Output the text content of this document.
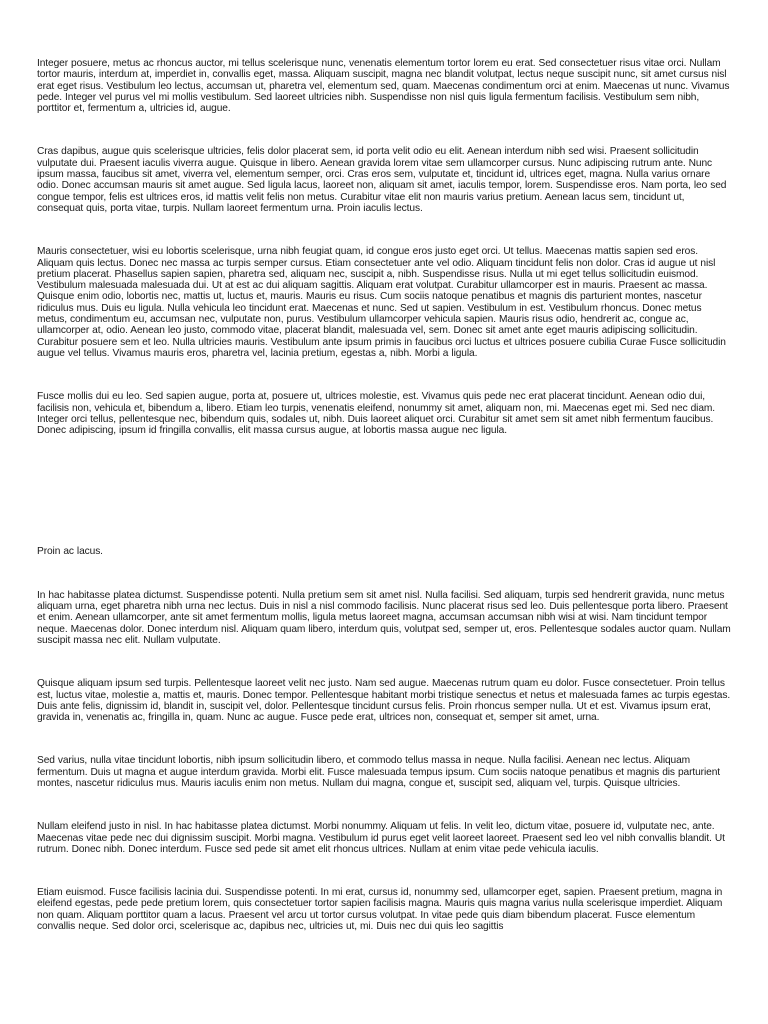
Integer posuere, metus ac rhoncus auctor, mi tellus scelerisque nunc, venenatis elementum tortor lorem eu erat. Sed consectetuer risus vitae orci. Nullam tortor mauris, interdum at, imperdiet in, convallis eget, massa. Aliquam suscipit, magna nec blandit volutpat, lectus neque suscipit nunc, sit amet cursus nisl erat eget risus. Vestibulum leo lectus, accumsan ut, pharetra vel, elementum sed, quam. Maecenas condimentum orci at enim. Maecenas ut nunc. Vivamus pede. Integer vel purus vel mi mollis vestibulum. Sed laoreet ultricies nibh. Suspendisse non nisl quis ligula fermentum facilisis. Vestibulum sem nibh, porttitor et, fermentum a, ultricies id, augue.

Cras dapibus, augue quis scelerisque ultricies, felis dolor placerat sem, id porta velit odio eu elit. Aenean interdum nibh sed wisi. Praesent sollicitudin vulputate dui. Praesent iaculis viverra augue. Quisque in libero. Aenean gravida lorem vitae sem ullamcorper cursus. Nunc adipiscing rutrum ante. Nunc ipsum massa, faucibus sit amet, viverra vel, elementum semper, orci. Cras eros sem, vulputate et, tincidunt id, ultrices eget, magna. Nulla varius ornare odio. Donec accumsan mauris sit amet augue. Sed ligula lacus, laoreet non, aliquam sit amet, iaculis tempor, lorem. Suspendisse eros. Nam porta, leo sed congue tempor, felis est ultrices eros, id mattis velit felis non metus. Curabitur vitae elit non mauris varius pretium. Aenean lacus sem, tincidunt ut, consequat quis, porta vitae, turpis. Nullam laoreet fermentum urna. Proin iaculis lectus.

Mauris consectetuer, wisi eu lobortis scelerisque, urna nibh feugiat quam, id congue eros justo eget orci. Ut tellus. Maecenas mattis sapien sed eros. Aliquam quis lectus. Donec nec massa ac turpis semper cursus. Etiam consectetuer ante vel odio. Aliquam tincidunt felis non dolor. Cras id augue ut nisl pretium placerat. Phasellus sapien sapien, pharetra sed, aliquam nec, suscipit a, nibh. Suspendisse risus. Nulla ut mi eget tellus sollicitudin euismod. Vestibulum malesuada malesuada dui. Ut at est ac dui aliquam sagittis. Aliquam erat volutpat. Curabitur ullamcorper est in mauris. Praesent ac massa. Quisque enim odio, lobortis nec, mattis ut, luctus et, mauris. Mauris eu risus. Cum sociis natoque penatibus et magnis dis parturient montes, nascetur ridiculus mus. Duis eu ligula. Nulla vehicula leo tincidunt erat. Maecenas et nunc. Sed ut sapien. Vestibulum in est. Vestibulum rhoncus. Donec metus metus, condimentum eu, accumsan nec, vulputate non, purus. Vestibulum ullamcorper vehicula sapien. Mauris risus odio, hendrerit ac, congue ac, ullamcorper at, odio. Aenean leo justo, commodo vitae, placerat blandit, malesuada vel, sem. Donec sit amet ante eget mauris adipiscing sollicitudin. Curabitur posuere sem et leo. Nulla ultricies mauris. Vestibulum ante ipsum primis in faucibus orci luctus et ultrices posuere cubilia Curae Fusce sollicitudin augue vel tellus. Vivamus mauris eros, pharetra vel, lacinia pretium, egestas a, nibh. Morbi a ligula.

Fusce mollis dui eu leo. Sed sapien augue, porta at, posuere ut, ultrices molestie, est. Vivamus quis pede nec erat placerat tincidunt. Aenean odio dui, facilisis non, vehicula et, bibendum a, libero. Etiam leo turpis, venenatis eleifend, nonummy sit amet, aliquam non, mi. Maecenas eget mi. Sed nec diam. Integer orci tellus, pellentesque nec, bibendum quis, sodales ut, nibh. Duis laoreet aliquet orci. Curabitur sit amet sem sit amet nibh fermentum faucibus. Donec adipiscing, ipsum id fringilla convallis, elit massa cursus augue, at lobortis massa augue nec ligula.

Proin ac lacus.

In hac habitasse platea dictumst. Suspendisse potenti. Nulla pretium sem sit amet nisl. Nulla facilisi. Sed aliquam, turpis sed hendrerit gravida, nunc metus aliquam urna, eget pharetra nibh urna nec lectus. Duis in nisl a nisl commodo facilisis. Nunc placerat risus sed leo. Duis pellentesque porta libero. Praesent et enim. Aenean ullamcorper, ante sit amet fermentum mollis, ligula metus laoreet magna, accumsan accumsan nibh wisi at wisi. Nam tincidunt tempor neque. Maecenas dolor. Donec interdum nisl. Aliquam quam libero, interdum quis, volutpat sed, semper ut, eros. Pellentesque sodales auctor quam. Nullam suscipit massa nec elit. Nullam vulputate.

Quisque aliquam ipsum sed turpis. Pellentesque laoreet velit nec justo. Nam sed augue. Maecenas rutrum quam eu dolor. Fusce consectetuer. Proin tellus est, luctus vitae, molestie a, mattis et, mauris. Donec tempor. Pellentesque habitant morbi tristique senectus et netus et malesuada fames ac turpis egestas. Duis ante felis, dignissim id, blandit in, suscipit vel, dolor. Pellentesque tincidunt cursus felis. Proin rhoncus semper nulla. Ut et est. Vivamus ipsum erat, gravida in, venenatis ac, fringilla in, quam. Nunc ac augue. Fusce pede erat, ultrices non, consequat et, semper sit amet, urna.

Sed varius, nulla vitae tincidunt lobortis, nibh ipsum sollicitudin libero, et commodo tellus massa in neque. Nulla facilisi. Aenean nec lectus. Aliquam fermentum. Duis ut magna et augue interdum gravida. Morbi elit. Fusce malesuada tempus ipsum. Cum sociis natoque penatibus et magnis dis parturient montes, nascetur ridiculus mus. Mauris iaculis enim non metus. Nullam dui magna, congue et, suscipit sed, aliquam vel, turpis. Quisque ultricies.

Nullam eleifend justo in nisl. In hac habitasse platea dictumst. Morbi nonummy. Aliquam ut felis. In velit leo, dictum vitae, posuere id, vulputate nec, ante. Maecenas vitae pede nec dui dignissim suscipit. Morbi magna. Vestibulum id purus eget velit laoreet laoreet. Praesent sed leo vel nibh convallis blandit. Ut rutrum. Donec nibh. Donec interdum. Fusce sed pede sit amet elit rhoncus ultrices. Nullam at enim vitae pede vehicula iaculis.

Etiam euismod. Fusce facilisis lacinia dui. Suspendisse potenti. In mi erat, cursus id, nonummy sed, ullamcorper eget, sapien. Praesent pretium, magna in eleifend egestas, pede pede pretium lorem, quis consectetuer tortor sapien facilisis magna. Mauris quis magna varius nulla scelerisque imperdiet. Aliquam non quam. Aliquam porttitor quam a lacus. Praesent vel arcu ut tortor cursus volutpat. In vitae pede quis diam bibendum placerat. Fusce elementum convallis neque. Sed dolor orci, scelerisque ac, dapibus nec, ultricies ut, mi. Duis nec dui quis leo sagittis
